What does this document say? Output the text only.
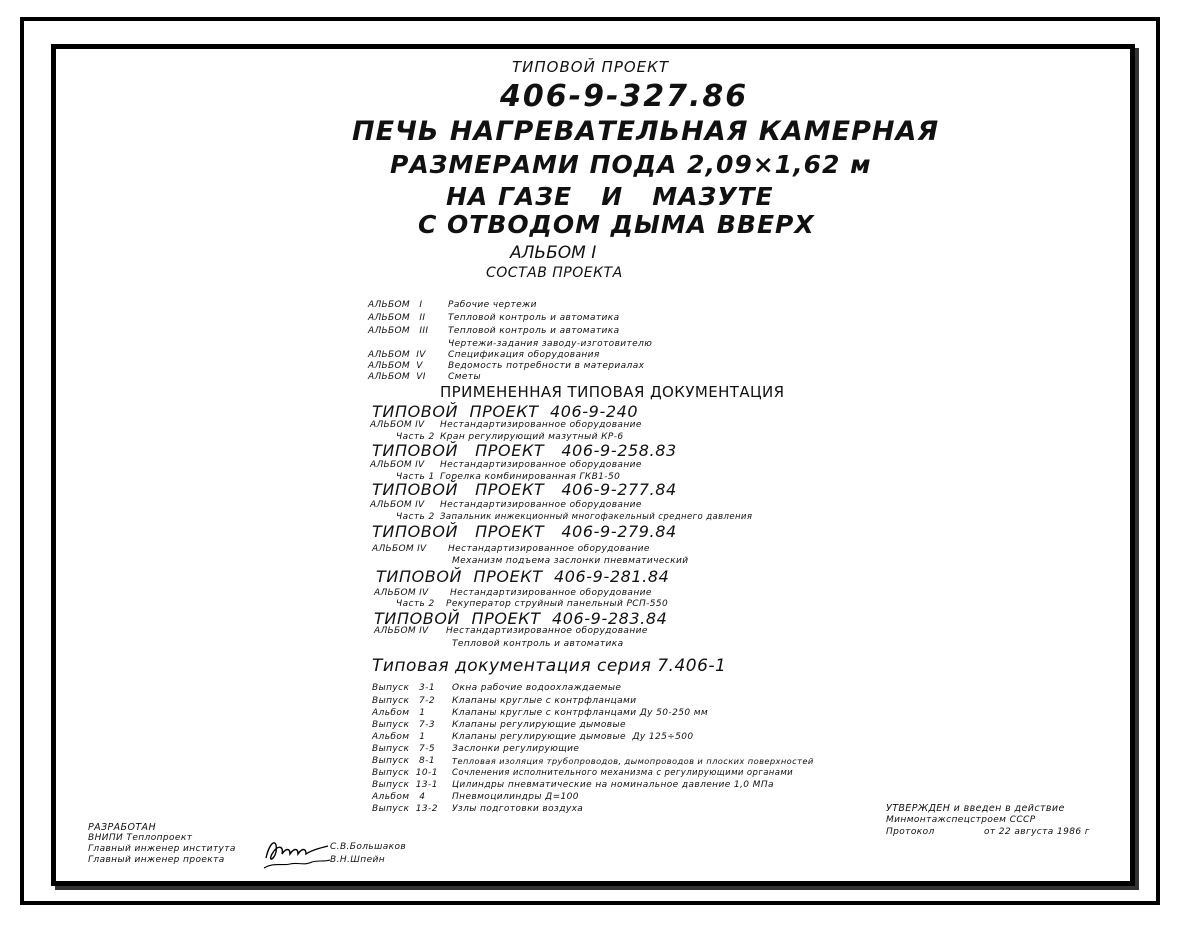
ТИПОВОЙ ПРОЕКТ
406-9-327.86
ПЕЧЬ НАГРЕВАТЕЛЬНАЯ КАМЕРНАЯ
РАЗМЕРАМИ ПОДА 2,09×1,62 м
НА ГАЗЕ   И   МАЗУТЕ
С ОТВОДОМ ДЫМА ВВЕРХ
АЛЬБОМ I
СОСТАВ ПРОЕКТА
АЛЬБОМ   I	Рабочие чертежи
АЛЬБОМ   II	Тепловой контроль и автоматика
АЛЬБОМ   III Тепловой контроль и автоматика
Чертежи-задания заводу-изготовителю
АЛЬБОМ  IV Спецификация оборудования
АЛЬБОМ  V	Ведомость потребности в материалах
АЛЬБОМ  VI Сметы
ПРИМЕНЕННАЯ ТИПОВАЯ ДОКУМЕНТАЦИЯ
ТИПОВОЙ  ПРОЕКТ  406-9-240
АЛЬБОМ IV Нестандартизированное оборудование
Часть 2 Кран регулирующий мазутный КР-6
ТИПОВОЙ   ПРОЕКТ   406-9-258.83
АЛЬБОМ IV Нестандартизированное оборудование
Часть 1 Горелка комбинированная ГКВ1-50
ТИПОВОЙ   ПРОЕКТ   406-9-277.84
АЛЬБОМ IV Нестандартизированное оборудование
Часть 2 Запальник инжекционный многофакельный среднего давления
ТИПОВОЙ   ПРОЕКТ   406-9-279.84
АЛЬБОМ IV Нестандартизированное оборудование
Механизм подъема заслонки пневматический
ТИПОВОЙ  ПРОЕКТ  406-9-281.84
АЛЬБОМ IV Нестандартизированное оборудование
Часть 2 Рекуператор струйный панельный РСП-550
ТИПОВОЙ  ПРОЕКТ  406-9-283.84
АЛЬБОМ IV Нестандартизированное оборудование
Тепловой контроль и автоматика
Типовая документация серия 7.406-1
Выпуск   3-1 Окна рабочие водоохлаждаемые
Выпуск   7-2 Клапаны круглые с контрфланцами
Альбом   1	Клапаны круглые с контрфланцами Ду 50-250 мм
Выпуск   7-3 Клапаны регулирующие дымовые
Альбом   1	Клапаны регулирующие дымовые  Ду 125÷500
Выпуск   7-5 Заслонки регулирующие
Выпуск   8-1 Тепловая изоляция трубопроводов, дымопроводов и плоских поверхностей
Выпуск  10-1 Сочленения исполнительного механизма с регулирующими органами
Выпуск  13-1 Цилиндры пневматические на номинальное давление 1,0 МПа
Альбом   4	Пневмоцилиндры Д=100
Выпуск  13-2 Узлы подготовки воздуха
РАЗРАБОТАН
ВНИПИ Теплопроект
Главный инженер института
Главный инженер проекта
С.В.Большаков
В.Н.Шпейн
УТВЕРЖДЕН и введен в действие
Минмонтажспецстроем СССР
Протокол	от 22 августа 1986 г
